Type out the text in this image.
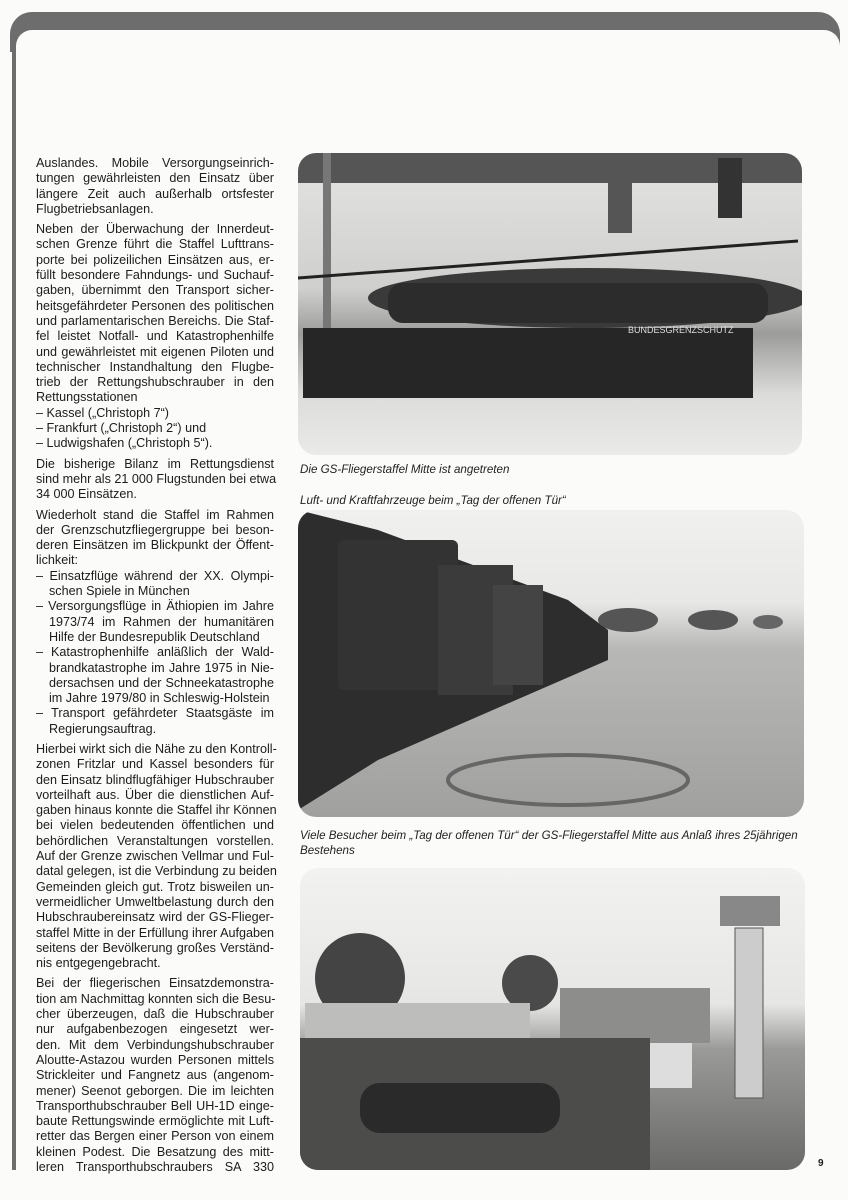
Auslandes. Mobile Versorgungseinrich-
tungen gewährleisten den Einsatz über
längere Zeit auch außerhalb ortsfester
Flugbetriebsanlagen.
Neben der Überwachung der Innerdeut-
schen Grenze führt die Staffel Lufttrans-
porte bei polizeilichen Einsätzen aus, er-
füllt besondere Fahndungs- und Suchauf-
gaben, übernimmt den Transport sicher-
heitsgefährdeter Personen des politischen
und parlamentarischen Bereichs. Die Staf-
fel leistet Notfall- und Katastrophenhilfe
und gewährleistet mit eigenen Piloten und
technischer Instandhaltung den Flugbe-
trieb der Rettungshubschrauber in den
Rettungsstationen
– Kassel („Christoph 7“)
– Frankfurt („Christoph 2“) und
– Ludwigshafen („Christoph 5“).
Die bisherige Bilanz im Rettungsdienst
sind mehr als 21 000 Flugstunden bei etwa
34 000 Einsätzen.
Wiederholt stand die Staffel im Rahmen
der Grenzschutzfliegergruppe bei beson-
deren Einsätzen im Blickpunkt der Öffent-
lichkeit:
– Einsatzflüge während der XX. Olympi-
schen Spiele in München
– Versorgungsflüge in Äthiopien im Jahre
1973/74 im Rahmen der humanitären
Hilfe der Bundesrepublik Deutschland
– Katastrophenhilfe anläßlich der Wald-
brandkatastrophe im Jahre 1975 in Nie-
dersachsen und der Schneekatastrophe
im Jahre 1979/80 in Schleswig-Holstein
– Transport gefährdeter Staatsgäste im
Regierungsauftrag.
Hierbei wirkt sich die Nähe zu den Kontroll-
zonen Fritzlar und Kassel besonders für
den Einsatz blindflugfähiger Hubschrauber
vorteilhaft aus. Über die dienstlichen Auf-
gaben hinaus konnte die Staffel ihr Können
bei vielen bedeutenden öffentlichen und
behördlichen Veranstaltungen vorstellen.
Auf der Grenze zwischen Vellmar und Ful-
datal gelegen, ist die Verbindung zu beiden
Gemeinden gleich gut. Trotz bisweilen un-
vermeidlicher Umweltbelastung durch den
Hubschraubereinsatz wird der GS-Flieger-
staffel Mitte in der Erfüllung ihrer Aufgaben
seitens der Bevölkerung großes Verständ-
nis entgegengebracht.
Bei der fliegerischen Einsatzdemonstra-
tion am Nachmittag konnten sich die Besu-
cher überzeugen, daß die Hubschrauber
nur aufgabenbezogen eingesetzt wer-
den. Mit dem Verbindungshubschrauber
Aloutte-Astazou wurden Personen mittels
Strickleiter und Fangnetz aus (angenom-
mener) Seenot geborgen. Die im leichten
Transporthubschrauber Bell UH-1D einge-
baute Rettungswinde ermöglichte mit Luft-
retter das Bergen einer Person von einem
kleinen Podest. Die Besatzung des mitt-
leren Transporthubschraubers SA 330
BUNDESGRENZSCHUTZ
Die GS-Fliegerstaffel Mitte ist angetreten
Luft- und Kraftfahrzeuge beim „Tag der offenen Tür“
Viele Besucher beim „Tag der offenen Tür“ der GS-Fliegerstaffel Mitte aus Anlaß ihres 25jährigen Bestehens
9
